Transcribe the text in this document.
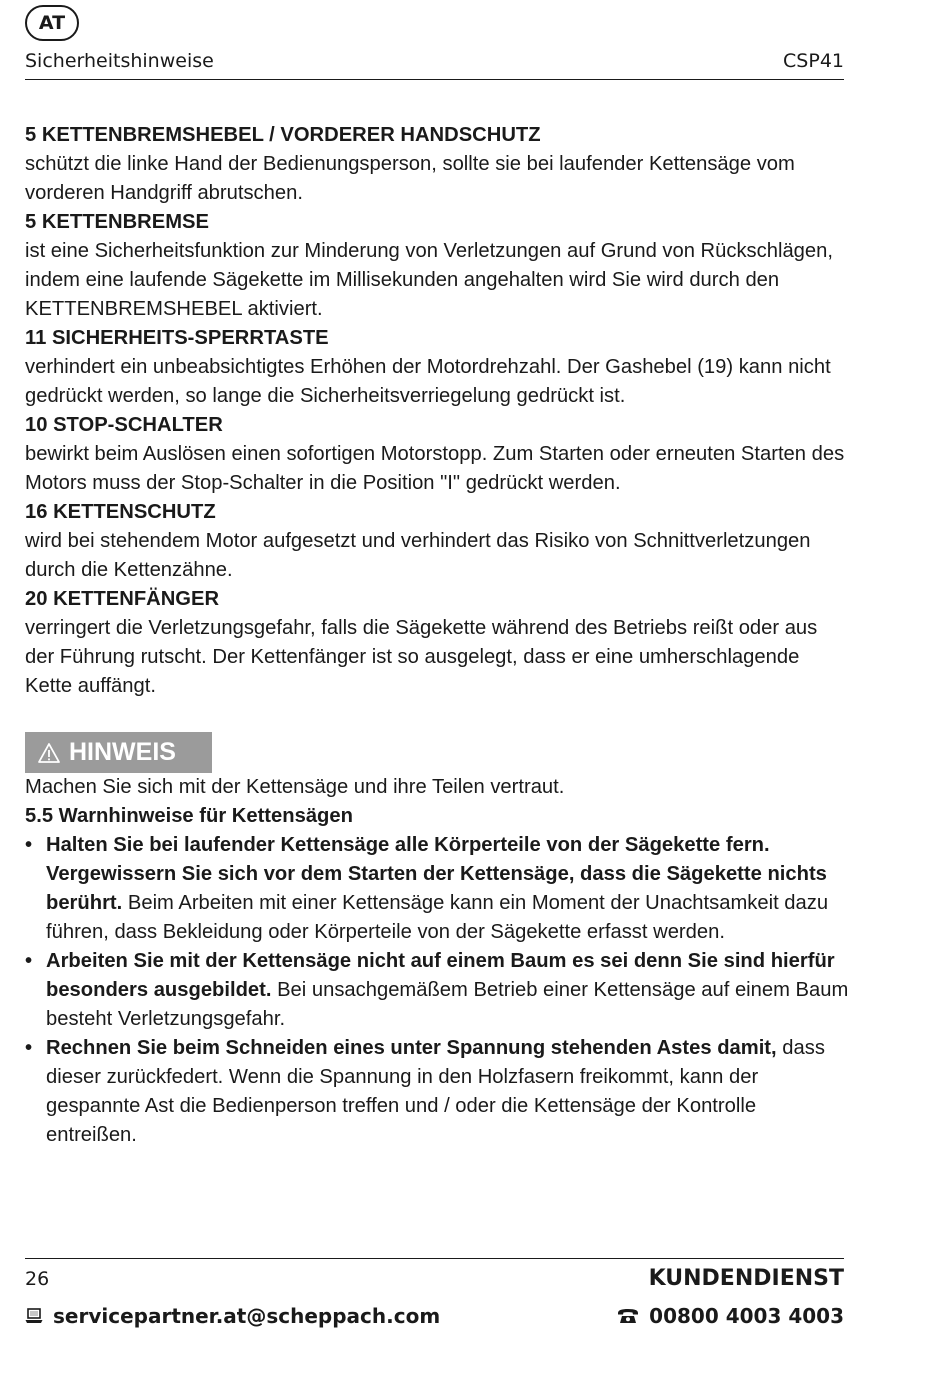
AT
Sicherheitshinweise	CSP41

5 KETTENBREMSHEBEL / VORDERER HANDSCHUTZ

schützt die linke Hand der Bedienungsperson, sollte sie bei laufender Kettensäge vom vorderen Handgriff abrutschen.

5 KETTENBREMSE

ist eine Sicherheitsfunktion zur Minderung von Verletzungen auf Grund von Rückschlägen, indem eine laufende Sägekette im Millisekunden angehalten wird Sie wird durch den KETTENBREMSHEBEL aktiviert.

11 SICHERHEITS-SPERRTASTE

verhindert ein unbeabsichtigtes Erhöhen der Motordrehzahl. Der Gashebel (19) kann nicht gedrückt werden, so lange die Sicherheitsverriegelung gedrückt ist.

10 STOP-SCHALTER

bewirkt beim Auslösen einen sofortigen Motorstopp. Zum Starten oder erneuten Starten des Motors muss der Stop-Schalter in die Position "I" gedrückt werden.

16 KETTENSCHUTZ

wird bei stehendem Motor aufgesetzt und verhindert das Risiko von Schnittverletzungen durch die Kettenzähne.

20 KETTENFÄNGER

verringert die Verletzungsgefahr, falls die Sägekette während des Betriebs reißt oder aus der Führung rutscht. Der Kettenfänger ist so ausgelegt, dass er eine umherschlagende Kette auffängt.

HINWEIS

Machen Sie sich mit der Kettensäge und ihre Teilen vertraut.

5.5 Warnhinweise für Kettensägen

• Halten Sie bei laufender Kettensäge alle Körperteile von der Sägekette fern. Vergewissern Sie sich vor dem Starten der Kettensäge, dass die Sägekette nichts berührt. Beim Arbeiten mit einer Kettensäge kann ein Moment der Unachtsamkeit dazu führen, dass Bekleidung oder Körperteile von der Sägekette erfasst werden.
• Arbeiten Sie mit der Kettensäge nicht auf einem Baum es sei denn Sie sind hierfür besonders ausgebildet. Bei unsachgemäßem Betrieb einer Kettensäge auf einem Baum besteht Verletzungsgefahr.
• Rechnen Sie beim Schneiden eines unter Spannung stehenden Astes damit, dass dieser zurückfedert. Wenn die Spannung in den Holzfasern freikommt, kann der gespannte Ast die Bedienperson treffen und / oder die Kettensäge der Kontrolle entreißen.
26	KUNDENDIENST
servicepartner.at@scheppach.com	00800 4003 4003
